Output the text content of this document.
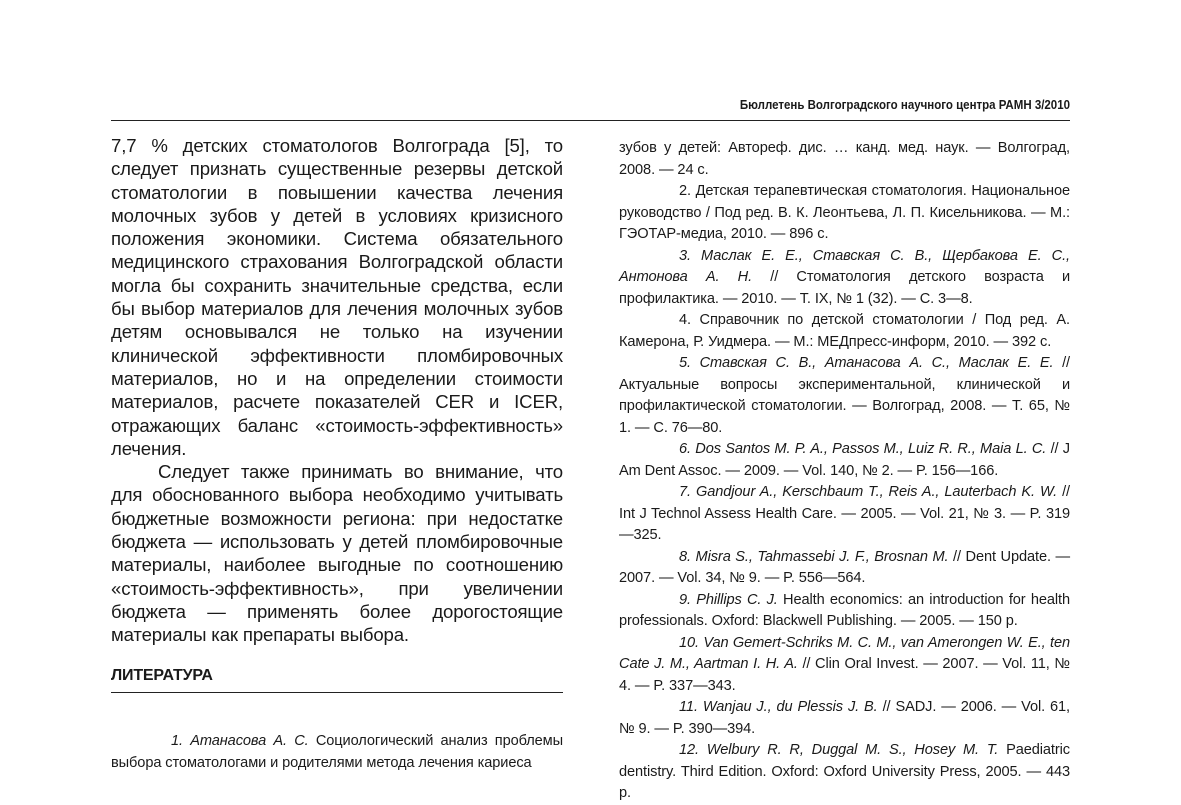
Бюллетень Волгоградского научного центра РАМН 3/2010

7,7 % детских стоматологов Волгограда [5], то следует признать существенные резервы детской стоматологии в повышении качества лечения молочных зубов у детей в условиях кризисного положения экономики. Система обязательного медицинского страхования Волгоградской области могла бы сохранить значительные средства, если бы выбор материалов для лечения молочных зубов детям основывался не только на изучении клинической эффективности пломбировочных материалов, но и на определении стоимости материалов, расчете показателей CER и ICER, отражающих баланс «стоимость-эффективность» лечения.

Следует также принимать во внимание, что для обоснованного выбора необходимо учитывать бюджетные возможности региона: при недостатке бюджета — использовать у детей пломбировочные материалы, наиболее выгодные по соотношению «стоимость-эффективность», при увеличении бюджета — применять более дорогостоящие материалы как препараты выбора.

ЛИТЕРАТУРА

1. Атанасова А. С. Социологический анализ проблемы выбора стоматологами и родителями метода лечения кариеса

зубов у детей: Автореф. дис. … канд. мед. наук. — Волгоград, 2008. — 24 с.

2. Детская терапевтическая стоматология. Национальное руководство / Под ред. В. К. Леонтьева, Л. П. Кисельникова. — М.: ГЭОТАР-медиа, 2010. — 896 с.

3. Маслак Е. Е., Ставская С. В., Щербакова Е. С., Антонова А. Н. // Стоматология детского возраста и профилактика. — 2010. — Т. IX, № 1 (32). — С. 3—8.

4. Справочник по детской стоматологии / Под ред. А. Камерона, Р. Уидмера. — М.: МЕДпресс-информ, 2010. — 392 с.

5. Ставская С. В., Атанасова А. С., Маслак Е. Е. // Актуальные вопросы экспериментальной, клинической и профилактической стоматологии. — Волгоград, 2008. — Т. 65, № 1. — С. 76—80.

6. Dos Santos M. P. A., Passos M., Luiz R. R., Maia L. C. // J Am Dent Assoc. — 2009. — Vol. 140, № 2. — P. 156—166.

7. Gandjour A., Kerschbaum T., Reis A., Lauterbach K. W. // Int J Technol Assess Health Care. — 2005. — Vol. 21, № 3. — P. 319—325.

8. Misra S., Tahmassebi J. F., Brosnan M. // Dent Update. — 2007. — Vol. 34, № 9. — P. 556—564.

9. Phillips C. J. Health economics: an introduction for health professionals. Oxford: Blackwell Publishing. — 2005. — 150 p.

10. Van Gemert-Schriks M. C. M., van Amerongen W. E., ten Cate J. M., Aartman I. H. A. // Clin Oral Invest. — 2007. — Vol. 11, № 4. — P. 337—343.

11. Wanjau J., du Plessis J. B. // SADJ. — 2006. — Vol. 61, № 9. — P. 390—394.

12. Welbury R. R, Duggal M. S., Hosey M. T. Paediatric dentistry. Third Edition. Oxford: Oxford University Press, 2005. — 443 p.
